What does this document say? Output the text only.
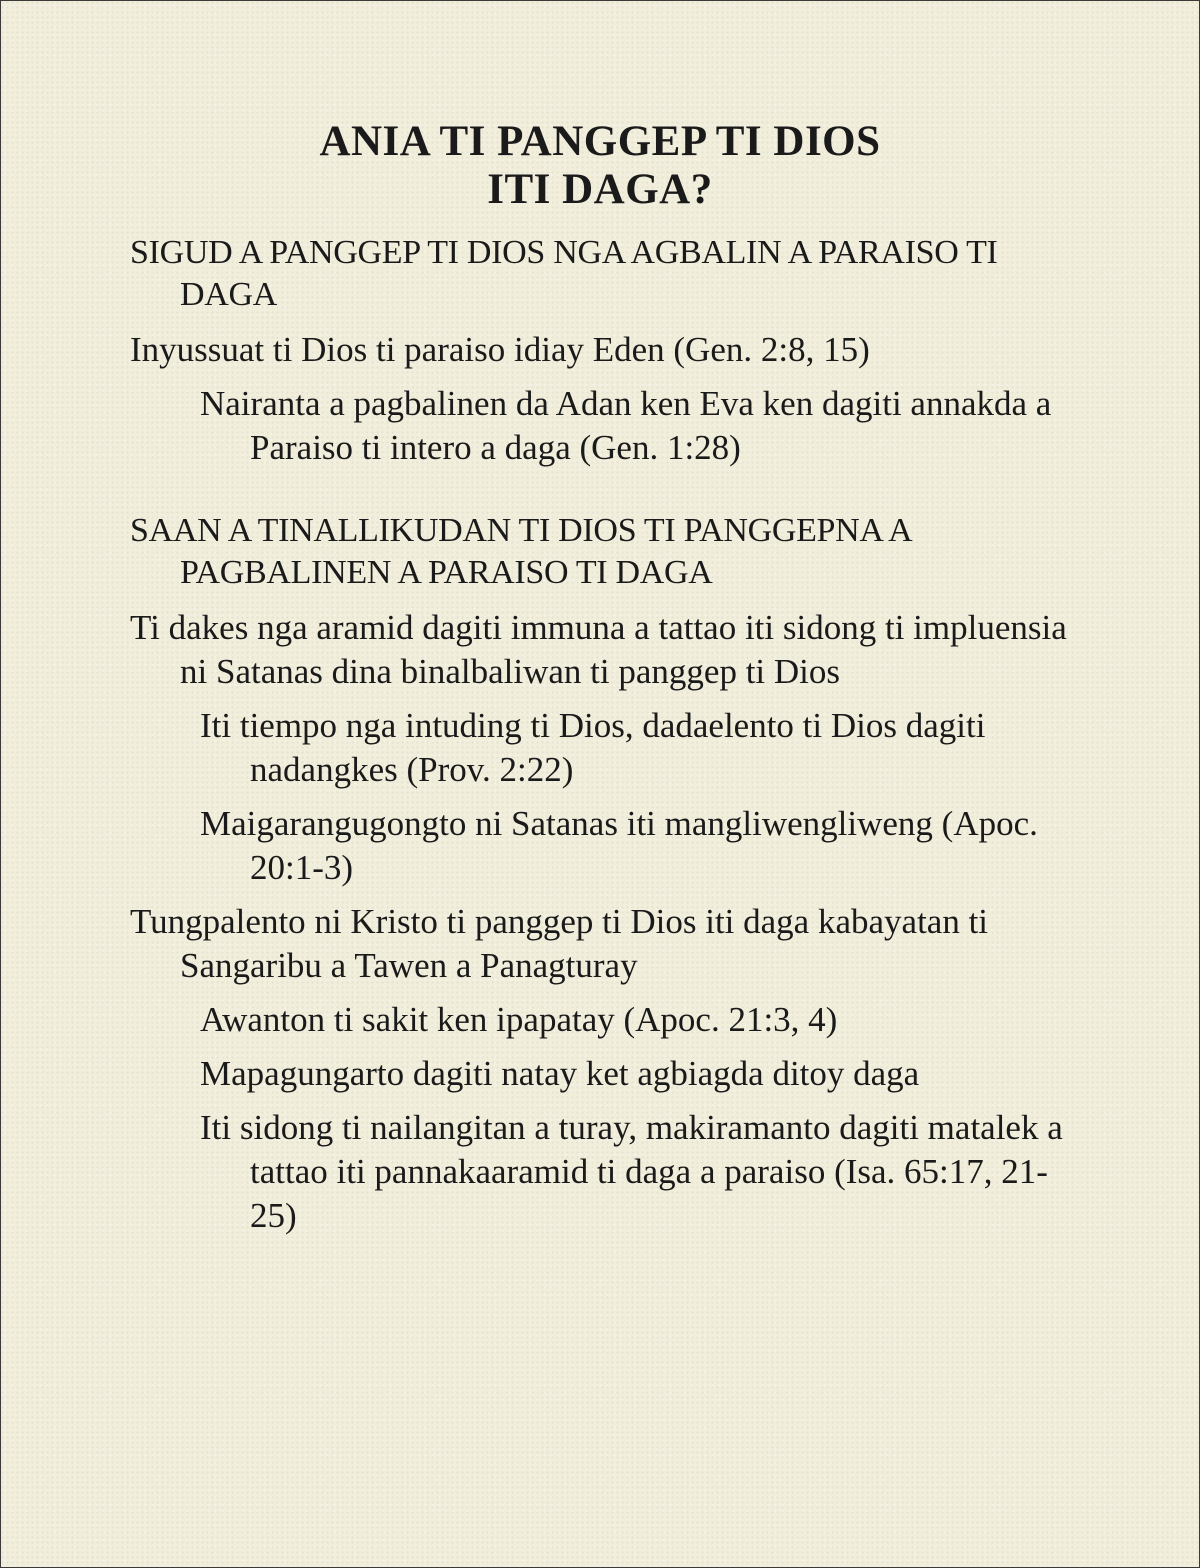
ANIA TI PANGGEP TI DIOS
ITI DAGA?

SIGUD A PANGGEP TI DIOS NGA AGBALIN A PARAISO TI DAGA

Inyussuat ti Dios ti paraiso idiay Eden (Gen. 2:8, 15)

Nairanta a pagbalinen da Adan ken Eva ken dagiti annakda a Paraiso ti intero a daga (Gen. 1:28)

SAAN A TINALLIKUDAN TI DIOS TI PANGGEPNA A PAGBALINEN A PARAISO TI DAGA

Ti dakes nga aramid dagiti immuna a tattao iti sidong ti impluensia ni Satanas dina binalbaliwan ti panggep ti Dios

Iti tiempo nga intuding ti Dios, dadaelento ti Dios dagiti nadangkes (Prov. 2:22)

Maigarangugongto ni Satanas iti mangliwengliweng (Apoc. 20:1-3)

Tungpalento ni Kristo ti panggep ti Dios iti daga kabayatan ti Sangaribu a Tawen a Panagturay

Awanton ti sakit ken ipapatay (Apoc. 21:3, 4)

Mapagungarto dagiti natay ket agbiagda ditoy daga

Iti sidong ti nailangitan a turay, makiramanto dagiti matalek a tattao iti pannakaaramid ti daga a paraiso (Isa. 65:17, 21-25)
